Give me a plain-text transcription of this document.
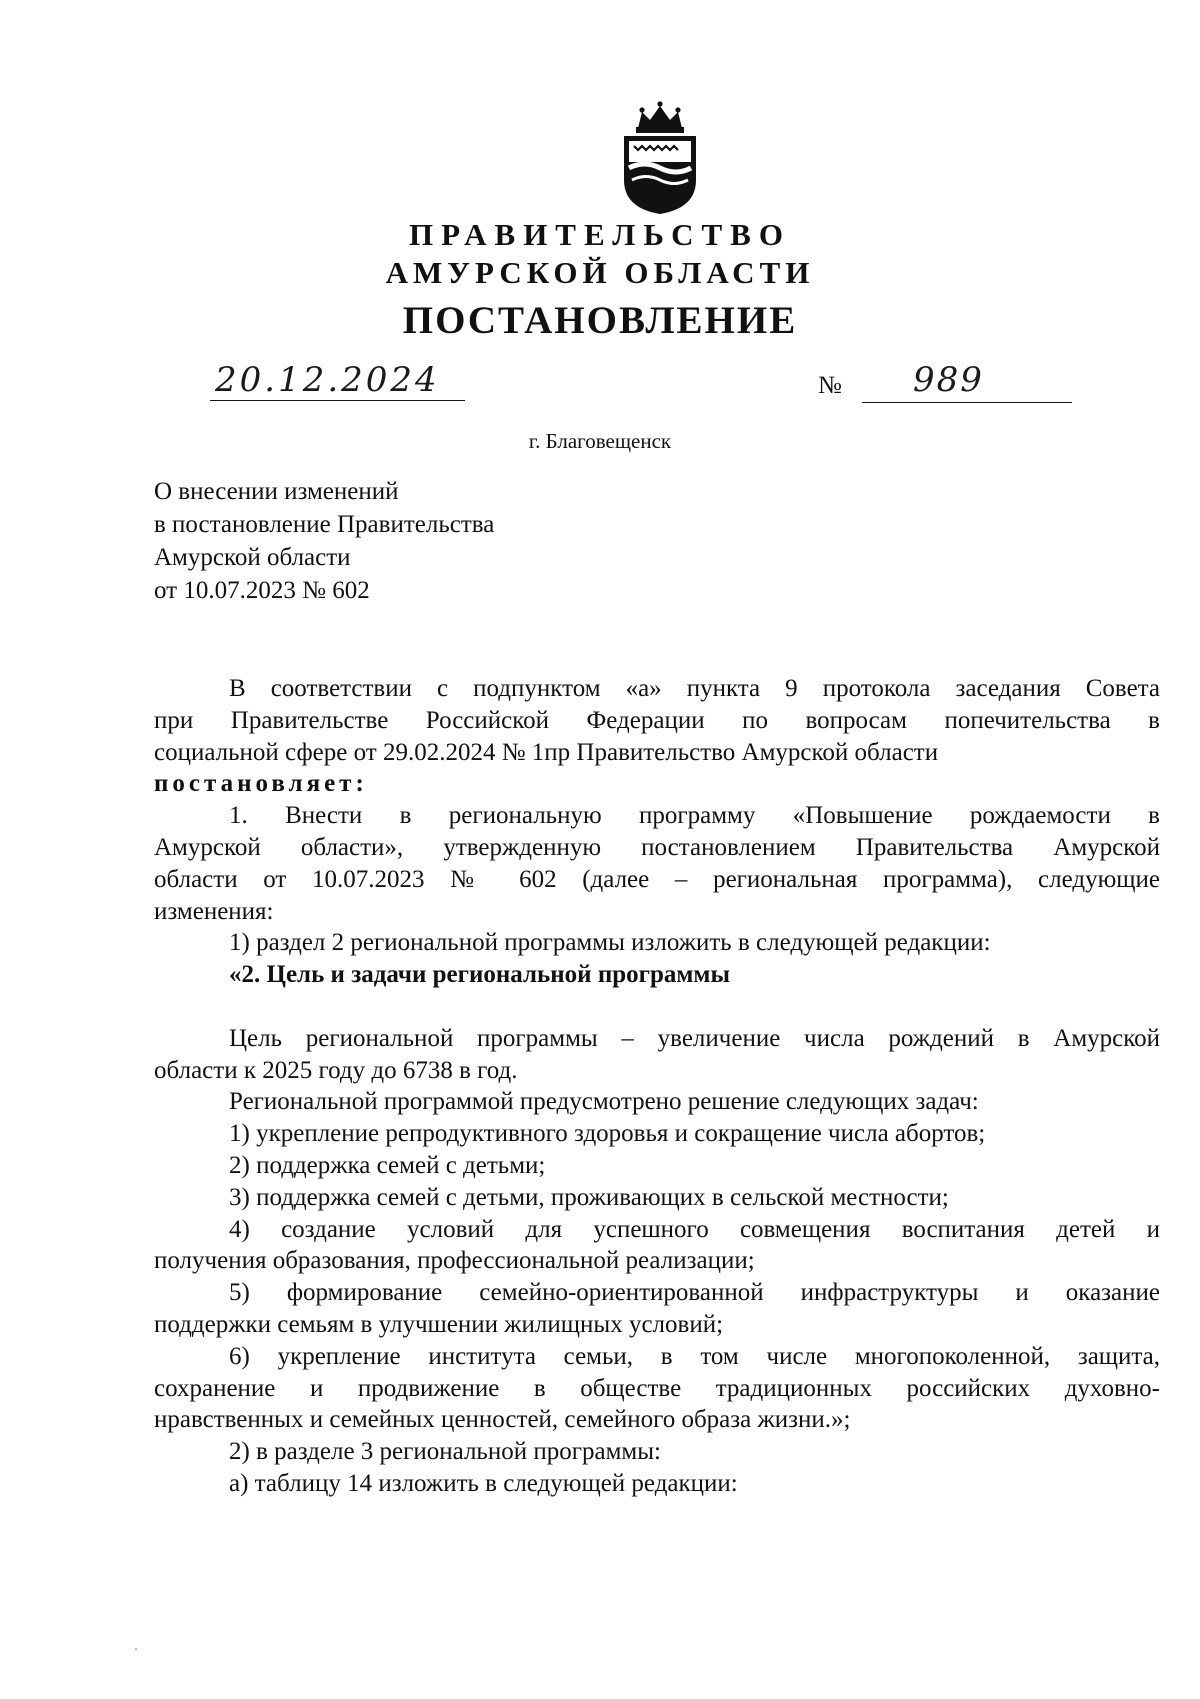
ПРАВИТЕЛЬСТВО
АМУРСКОЙ ОБЛАСТИ
ПОСТАНОВЛЕНИЕ
20.12.2024	№ 989
г. Благовещенск
О внесении изменений
в постановление Правительства
Амурской области
от 10.07.2023 № 602

В соответствии с подпунктом «а» пункта 9 протокола заседания Совета

при Правительстве Российской Федерации по вопросам попечительства в

социальной сфере от 29.02.2024 № 1пр Правительство Амурской области

постановляет:

1. Внести в региональную программу «Повышение рождаемости в

Амурской области», утвержденную постановлением Правительства Амурской

области от 10.07.2023 № 602 (далее – региональная программа), следующие

изменения:

1) раздел 2 региональной программы изложить в следующей редакции:

«2. Цель и задачи региональной программы

Цель региональной программы – увеличение числа рождений в Амурской

области к 2025 году до 6738 в год.

Региональной программой предусмотрено решение следующих задач:

1) укрепление репродуктивного здоровья и сокращение числа абортов;

2) поддержка семей с детьми;

3) поддержка семей с детьми, проживающих в сельской местности;

4) создание условий для успешного совмещения воспитания детей и

получения образования, профессиональной реализации;

5) формирование семейно-ориентированной инфраструктуры и оказание

поддержки семьям в улучшении жилищных условий;

6) укрепление института семьи, в том числе многопоколенной, защита,

сохранение и продвижение в обществе традиционных российских духовно-

нравственных и семейных ценностей, семейного образа жизни.»;

2) в разделе 3 региональной программы:

а) таблицу 14 изложить в следующей редакции:
